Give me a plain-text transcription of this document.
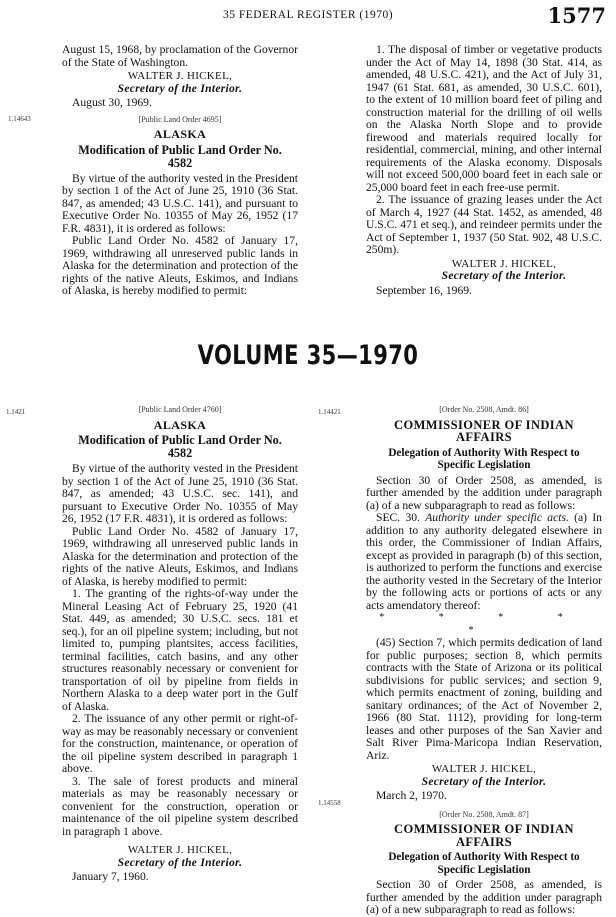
35 FEDERAL REGISTER (1970)	1577

August 15, 1968, by proclamation of the Governor of the State of Washington.

WALTER J. HICKEL,
Secretary of the Interior.
August 30, 1969.
[Public Land Order 4695]
ALASKA
Modification of Public Land Order No. 4582

By virtue of the authority vested in the President by section 1 of the Act of June 25, 1910 (36 Stat. 847, as amended; 43 U.S.C. 141), and pursuant to Executive Order No. 10355 of May 26, 1952 (17 F.R. 4831), it is ordered as follows:

Public Land Order No. 4582 of January 17, 1969, withdrawing all unreserved public lands in Alaska for the determination and protection of the rights of the native Aleuts, Eskimos, and Indians of Alaska, is hereby modified to permit:

1.14643

1. The disposal of timber or vegetative products under the Act of May 14, 1898 (30 Stat. 414, as amended, 48 U.S.C. 421), and the Act of July 31, 1947 (61 Stat. 681, as amended, 30 U.S.C. 601), to the extent of 10 million board feet of piling and construction material for the drilling of oil wells on the Alaska North Slope and to provide firewood and materials required locally for residential, commercial, mining, and other internal requirements of the Alaska economy. Disposals will not exceed 500,000 board feet in each sale or 25,000 board feet in each free-use permit.

2. The issuance of grazing leases under the Act of March 4, 1927 (44 Stat. 1452, as amended, 48 U.S.C. 471 et seq.), and reindeer permits under the Act of September 1, 1937 (50 Stat. 902, 48 U.S.C. 250m).

WALTER J. HICKEL,
Secretary of the Interior.
September 16, 1969.
VOLUME 35—1970
1.1421	[Public Land Order 4760]
ALASKA
Modification of Public Land Order No. 4582

By virtue of the authority vested in the President by section 1 of the Act of June 25, 1910 (36 Stat. 847, as amended; 43 U.S.C. sec. 141), and pursuant to Executive Order No. 10355 of May 26, 1952 (17 F.R. 4831), it is ordered as follows:

Public Land Order No. 4582 of January 17, 1969, withdrawing all unreserved public lands in Alaska for the determination and protection of the rights of the native Aleuts, Eskimos, and Indians of Alaska, is hereby modified to permit:

1. The granting of the rights-of-way under the Mineral Leasing Act of February 25, 1920 (41 Stat. 449, as amended; 30 U.S.C. secs. 181 et seq.), for an oil pipeline system; including, but not limited to, pumping plantsites, access facilities, terminal facilities, catch basins, and any other structures reasonably necessary or convenient for transportation of oil by pipeline from fields in Northern Alaska to a deep water port in the Gulf of Alaska.

2. The issuance of any other permit or right-of-way as may be reasonably necessary or convenient for the construction, maintenance, or operation of the oil pipeline system described in paragraph 1 above.

3. The sale of forest products and mineral materials as may be reasonably necessary or convenient for the construction, operation or maintenance of the oil pipeline system described in paragraph 1 above.

WALTER J. HICKEL,
Secretary of the Interior.
January 7, 1960.
1.14421	[Order No. 2508, Amdt. 86]
COMMISSIONER OF INDIAN AFFAIRS
Delegation of Authority With Respect to Specific Legislation

Section 30 of Order 2508, as amended, is further amended by the addition under paragraph (a) of a new subparagraph to read as follows:

SEC. 30. Authority under specific acts. (a) In addition to any authority delegated elsewhere in this order, the Commissioner of Indian Affairs, except as provided in paragraph (b) of this section, is authorized to perform the functions and exercise the authority vested in the Secretary of the Interior by the following acts or portions of acts or any acts amendatory thereof:

* * * * *

(45) Section 7, which permits dedication of land for public purposes; section 8, which permits contracts with the State of Arizona or its political subdivisions for public services; and section 9, which permits enactment of zoning, building and sanitary ordinances; of the Act of November 2, 1966 (80 Stat. 1112), providing for long-term leases and other purposes of the San Xavier and Salt River Pima-Maricopa Indian Reservation, Ariz.

WALTER J. HICKEL,
Secretary of the Interior.
March 2, 1970.
[Order No. 2508, Amdt. 87]
COMMISSIONER OF INDIAN AFFAIRS
Delegation of Authority With Respect to Specific Legislation

Section 30 of Order 2508, as amended, is further amended by the addition under paragraph (a) of a new subparagraph to read as follows:

1.14558
